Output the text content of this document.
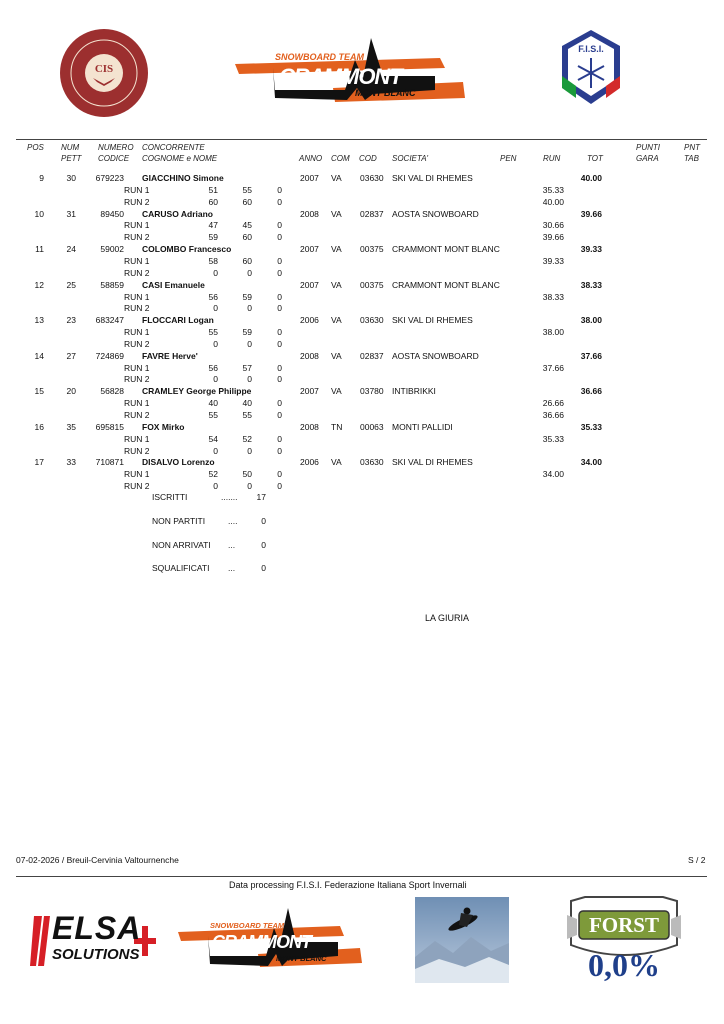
CIS
SNOWBOARD TEAM
CRAMMONT
MONT BLANC
F.I.S.I.
POS NUM
PETT
NUMERO
CODICE
CONCORRENTE
COGNOME e NOME	ANNO COM COD SOCIETA'	PEN	RUN	TOT
PUNTI
GARA
PNT
TAB
9	30	679223 GIACCHINO Simone	2007 VA 03630 SKI VAL DI RHEMES	40.00
RUN 1	51	55	0	35.33
RUN 2	60	60	0	40.00
10	31	89450 CARUSO Adriano	2008 VA 02837 AOSTA SNOWBOARD	39.66
RUN 1	47	45	0	30.66
RUN 2	59	60	0	39.66
11	24	59002 COLOMBO Francesco	2007 VA 00375 CRAMMONT MONT BLANC	39.33
RUN 1	58	60	0	39.33
RUN 2	0	0	0
12	25	58859 CASI Emanuele	2007 VA 00375 CRAMMONT MONT BLANC	38.33
RUN 1	56	59	0	38.33
RUN 2	0	0	0
13	23	683247 FLOCCARI Logan	2006 VA 03630 SKI VAL DI RHEMES	38.00
RUN 1	55	59	0	38.00
RUN 2	0	0	0
14	27	724869 FAVRE Herve'	2008 VA 02837 AOSTA SNOWBOARD	37.66
RUN 1	56	57	0	37.66
RUN 2	0	0	0
15	20	56828 CRAMLEY George Philippe	2007 VA 03780 INTIBRIKKI	36.66
RUN 1	40	40	0	26.66
RUN 2	55	55	0	36.66
16	35	695815 FOX Mirko	2008 TN 00063 MONTI PALLIDI	35.33
RUN 1	54	52	0	35.33
RUN 2	0	0	0
17	33	710871 DISALVO Lorenzo	2006 VA 03630 SKI VAL DI RHEMES	34.00
RUN 1	52	50	0	34.00
RUN 2	0	0	0
ISCRITTI	.......	17
NON PARTITI	....	0
NON ARRIVATI ...	0
SQUALIFICATI ...	0
LA GIURIA
07-02-2026 / Breuil-Cervinia Valtournenche	S / 2
Data processing F.I.S.I. Federazione Italiana Sport Invernali
ELSA
SOLUTIONS
SNOWBOARD TEAM
CRAMMONT
MONT BLANC
FORST
0,0%
